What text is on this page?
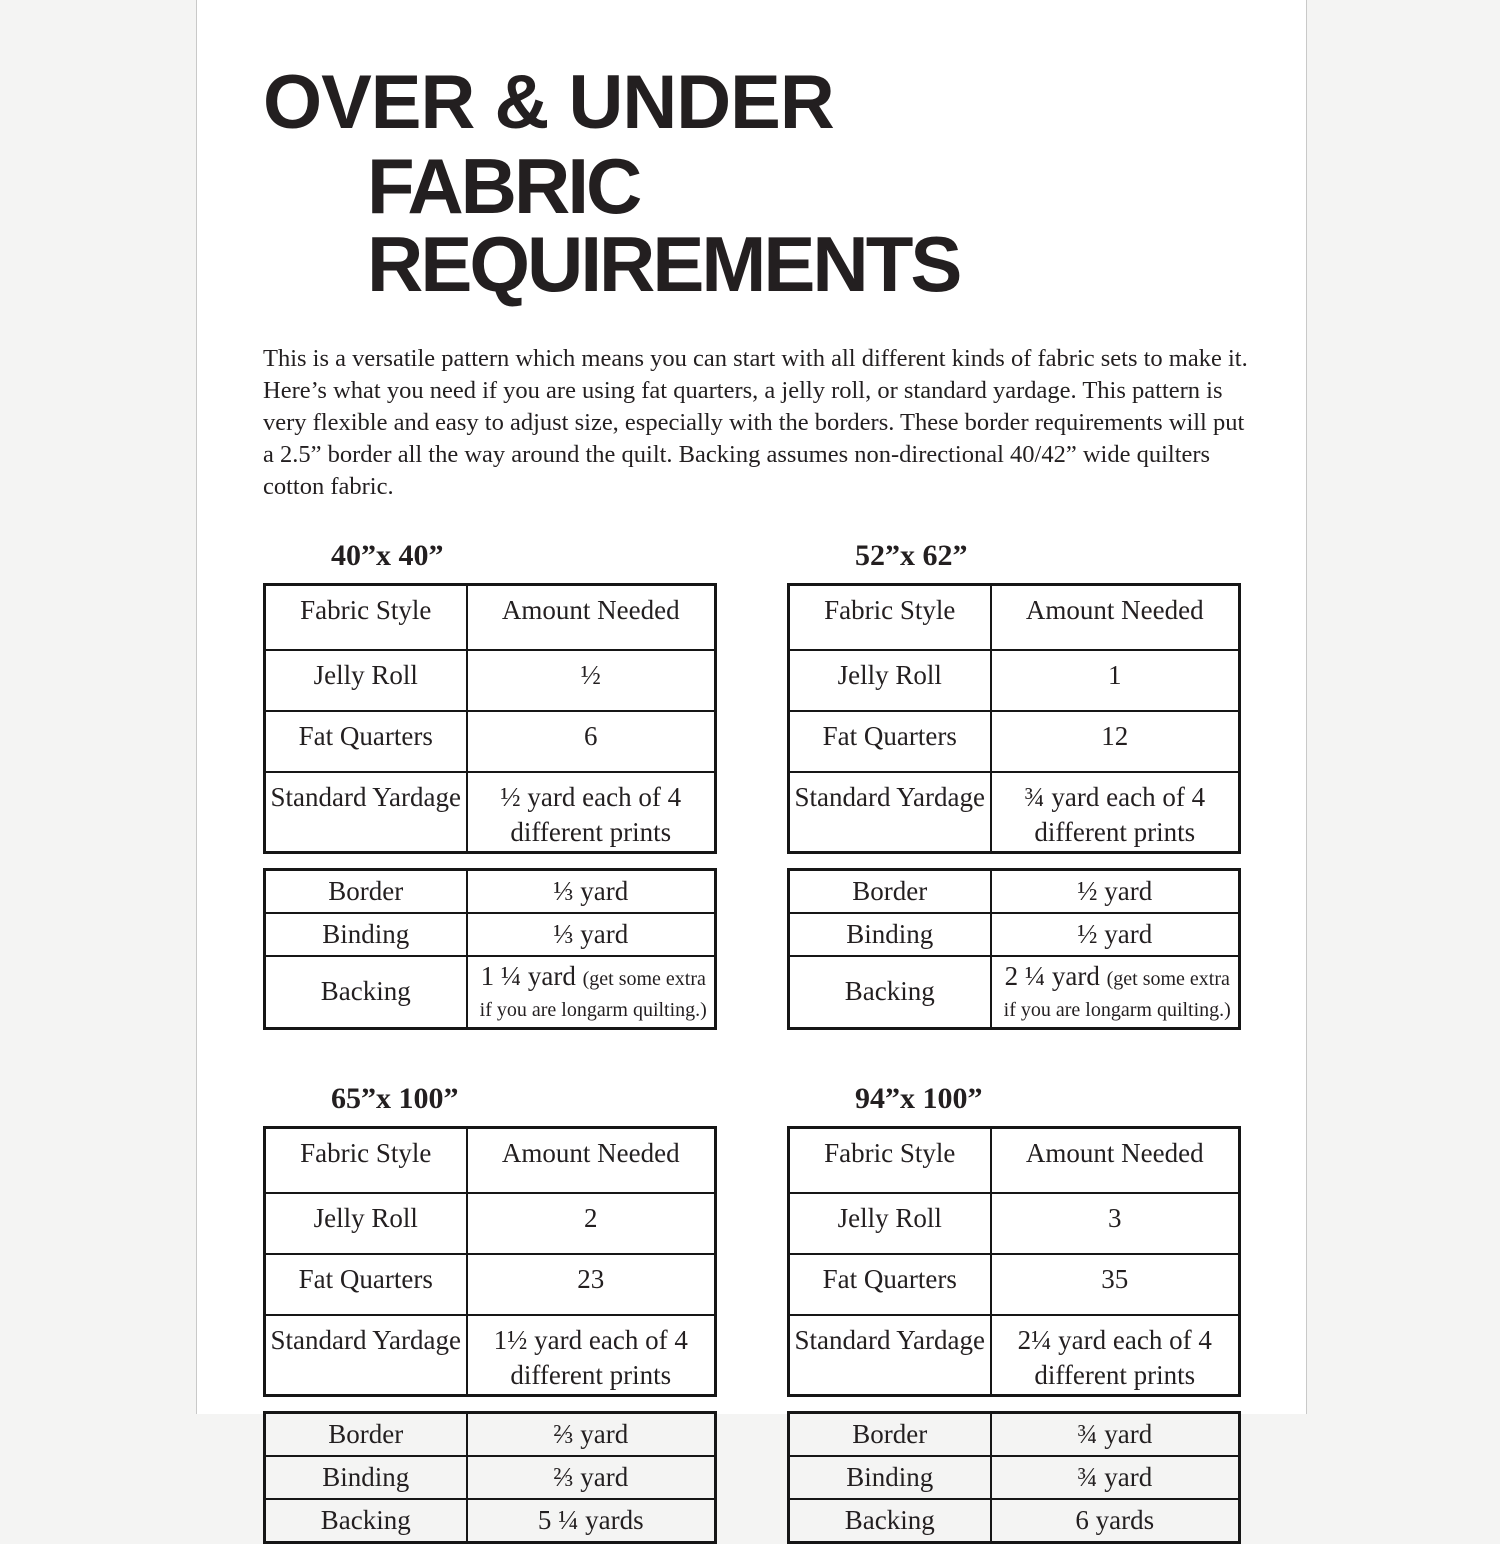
OVER & UNDER
FABRIC REQUIREMENTS

This is a versatile pattern which means you can start with all different kinds of fabric sets to make it. Here’s what you need if you are using fat quarters, a jelly roll, or standard yardage. This pattern is very flexible and easy to adjust size, especially with the borders. These border requirements will put a 2.5” border all the way around the quilt. Backing assumes non-directional 40/42” wide quilters cotton fabric.

40”x 40”
Fabric Style	Amount Needed
Jelly Roll	½
Fat Quarters	6
Standard Yardage	½ yard each of 4 different prints
Border	⅓ yard
Binding	⅓ yard
Backing	1 ¼ yard (get some extra if you are longarm quilting.)
52”x 62”
Fabric Style	Amount Needed
Jelly Roll	1
Fat Quarters	12
Standard Yardage	¾ yard each of 4 different prints
Border	½ yard
Binding	½ yard
Backing	2 ¼ yard (get some extra if you are longarm quilting.)
65”x 100”
Fabric Style	Amount Needed
Jelly Roll	2
Fat Quarters	23
Standard Yardage	1½ yard each of 4 different prints
Border	⅔ yard
Binding	⅔ yard
Backing	5 ¼ yards
94”x 100”
Fabric Style	Amount Needed
Jelly Roll	3
Fat Quarters	35
Standard Yardage	2¼ yard each of 4 different prints
Border	¾ yard
Binding	¾ yard
Backing	6 yards
